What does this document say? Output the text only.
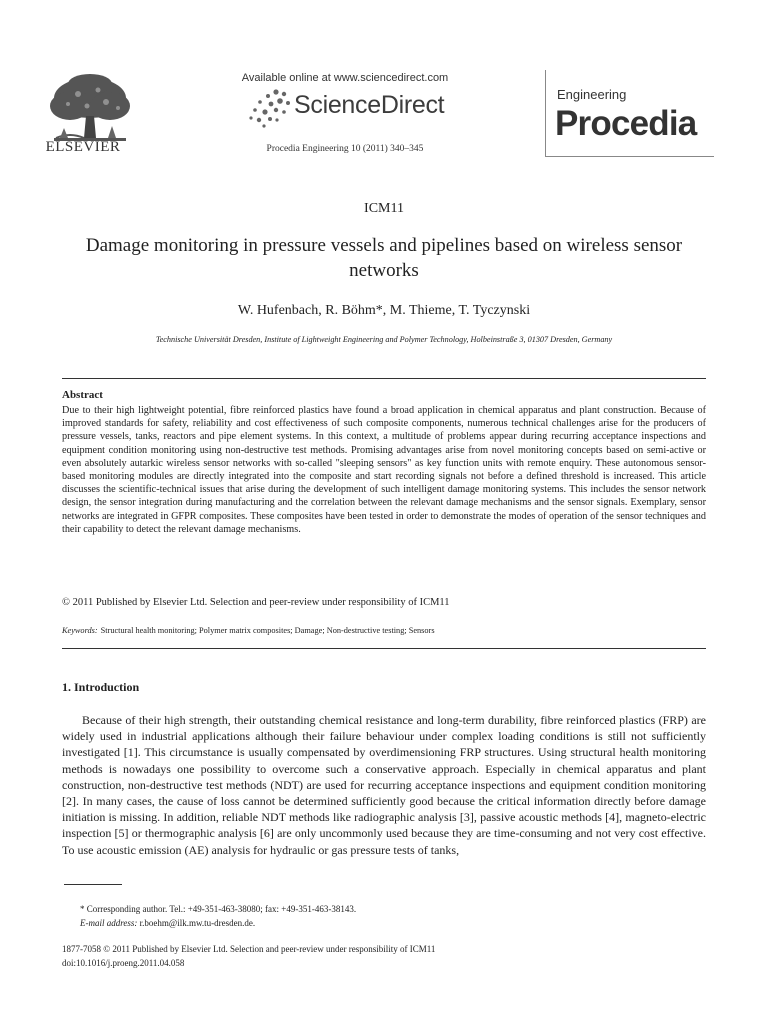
ELSEVIER
Available online at www.sciencedirect.com
ScienceDirect
Procedia Engineering 10 (2011) 340–345
Engineering
Procedia
ICM11
Damage monitoring in pressure vessels and pipelines based on wireless sensor networks
W. Hufenbach, R. Böhm*, M. Thieme, T. Tyczynski
Technische Universität Dresden, Institute of Lightweight Engineering and Polymer Technology, Holbeinstraße 3, 01307 Dresden, Germany
Abstract
Due to their high lightweight potential, fibre reinforced plastics have found a broad application in chemical apparatus and plant construction. Because of improved standards for safety, reliability and cost effectiveness of such composite components, numerous technical challenges arise for the producers of pressure vessels, tanks, reactors and pipe element systems. In this context, a multitude of problems appear during recurring acceptance inspections and equipment condition monitoring using non-destructive test methods. Promising advantages arise from novel monitoring concepts based on semi-active or even absolutely autarkic wireless sensor networks with so-called "sleeping sensors" as key function units with remote enquiry. These autonomous sensor-based monitoring modules are directly integrated into the composite and start recording signals not before a defined threshold is increased. This article discusses the scientific-technical issues that arise during the development of such intelligent damage monitoring systems. This includes the sensor network design, the sensor integration during manufacturing and the correlation between the relevant damage mechanisms and the sensor signals. Exemplary, sensor networks are integrated in GFPR composites. These composites have been tested in order to demonstrate the modes of operation of the sensor techniques and their capability to detect the relevant damage mechanisms.
© 2011 Published by Elsevier Ltd. Selection and peer-review under responsibility of ICM11
Keywords: Structural health monitoring; Polymer matrix composites; Damage; Non-destructive testing; Sensors
1. Introduction
Because of their high strength, their outstanding chemical resistance and long-term durability, fibre reinforced plastics (FRP) are widely used in industrial applications although their failure behaviour under complex loading conditions is still not sufficiently investigated [1]. This circumstance is usually compensated by overdimensioning FRP structures. Using structural health monitoring methods is nowadays one possibility to overcome such a conservative approach. Especially in chemical apparatus and plant construction, non-destructive test methods (NDT) are used for recurring acceptance inspections and equipment condition monitoring [2]. In many cases, the cause of loss cannot be determined sufficiently good because the critical information directly before damage initiation is missing. In addition, reliable NDT methods like radiographic analysis [3], passive acoustic methods [4], magneto-electric inspection [5] or thermographic analysis [6] are only uncommonly used because they are time-consuming and not very cost effective. To use acoustic emission (AE) analysis for hydraulic or gas pressure tests of tanks,
* Corresponding author. Tel.: +49-351-463-38080; fax: +49-351-463-38143.
E-mail address: r.boehm@ilk.mw.tu-dresden.de.
1877-7058 © 2011 Published by Elsevier Ltd. Selection and peer-review under responsibility of ICM11
doi:10.1016/j.proeng.2011.04.058
